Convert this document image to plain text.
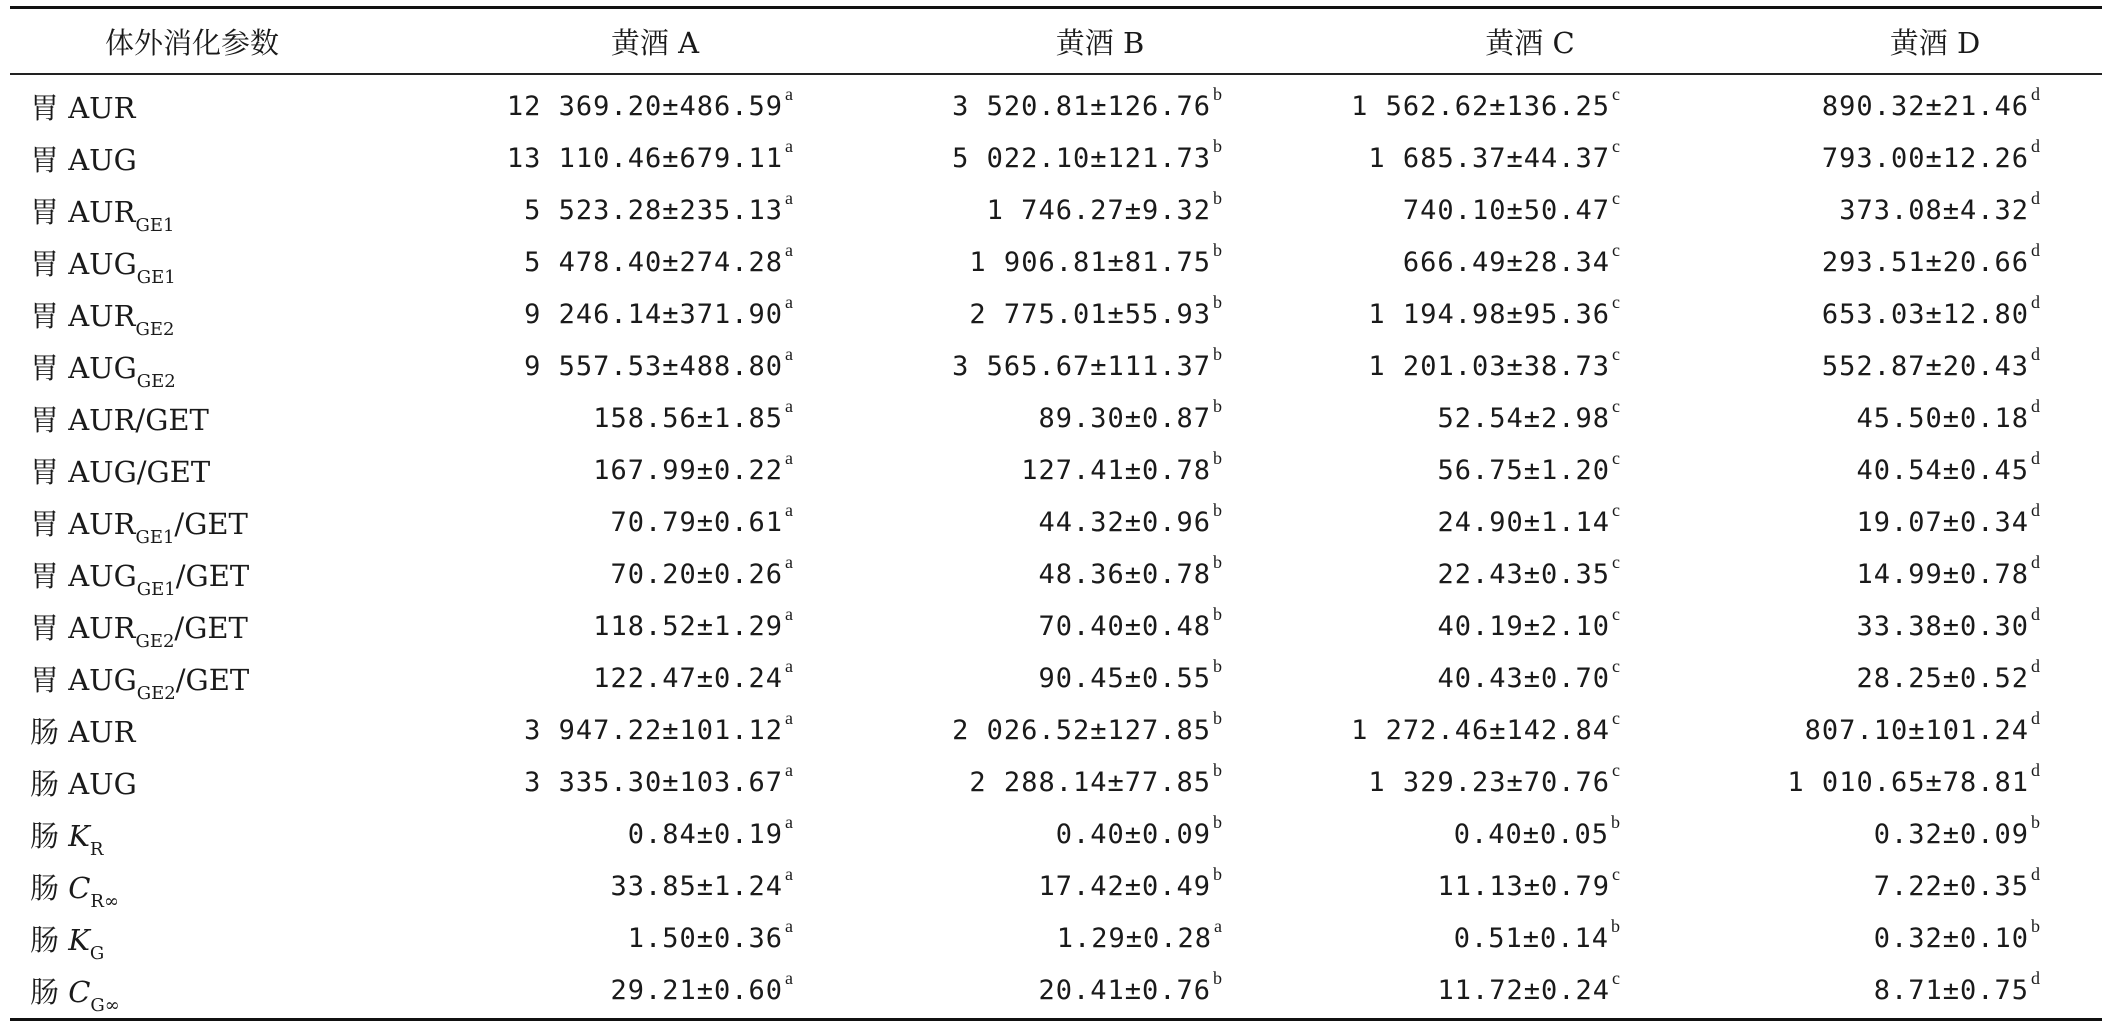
体外消化参数	黄酒 A	黄酒 B	黄酒 C	黄酒 D
胃 AUR	12 369.20±486.59 a	3 520.81±126.76 b	1 562.62±136.25 c	890.32±21.46 d
胃 AUG	13 110.46±679.11 a	5 022.10±121.73 b	1 685.37±44.37 c	793.00±12.26 d
胃 AUR GE1	5 523.28±235.13 a	1 746.27±9.32 b	740.10±50.47 c	373.08±4.32 d
胃 AUG GE1	5 478.40±274.28 a	1 906.81±81.75 b	666.49±28.34 c	293.51±20.66 d
胃 AUR GE2	9 246.14±371.90 a	2 775.01±55.93 b	1 194.98±95.36 c	653.03±12.80 d
胃 AUG GE2	9 557.53±488.80 a	3 565.67±111.37 b	1 201.03±38.73 c	552.87±20.43 d
胃 AUR/GET	158.56±1.85 a	89.30±0.87 b	52.54±2.98 c	45.50±0.18 d
胃 AUG/GET	167.99±0.22 a	127.41±0.78 b	56.75±1.20 c	40.54±0.45 d
胃 AUR GE1 /GET	70.79±0.61 a	44.32±0.96 b	24.90±1.14 c	19.07±0.34 d
胃 AUG GE1 /GET	70.20±0.26 a	48.36±0.78 b	22.43±0.35 c	14.99±0.78 d
胃 AUR GE2 /GET	118.52±1.29 a	70.40±0.48 b	40.19±2.10 c	33.38±0.30 d
胃 AUG GE2 /GET	122.47±0.24 a	90.45±0.55 b	40.43±0.70 c	28.25±0.52 d
肠 AUR	3 947.22±101.12 a	2 026.52±127.85 b	1 272.46±142.84 c	807.10±101.24 d
肠 AUG	3 335.30±103.67 a	2 288.14±77.85 b	1 329.23±70.76 c	1 010.65±78.81 d
肠 K R	0.84±0.19 a	0.40±0.09 b	0.40±0.05 b	0.32±0.09 b
肠 C R∞	33.85±1.24 a	17.42±0.49 b	11.13±0.79 c	7.22±0.35 d
肠 K G	1.50±0.36 a	1.29±0.28 a	0.51±0.14 b	0.32±0.10 b
肠 C G∞	29.21±0.60 a	20.41±0.76 b	11.72±0.24 c	8.71±0.75 d
